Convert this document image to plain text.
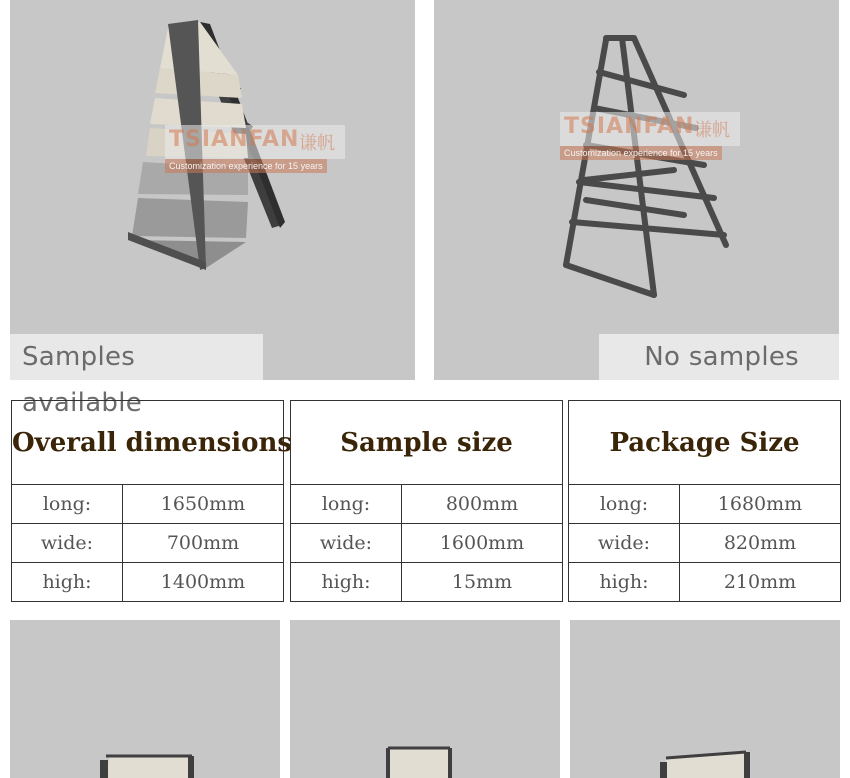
TSIANFAN 谦帆
Customization experience for 15 years
Samples available
TSIANFAN 谦帆
Customization experience for 15 years
No samples
Overall dimensions	
long:	1650mm
wide:	700mm
high:	1400mm
Sample size	
long:	800mm
wide:	1600mm
high:	15mm
Package Size	
long:	1680mm
wide:	820mm
high:	210mm
